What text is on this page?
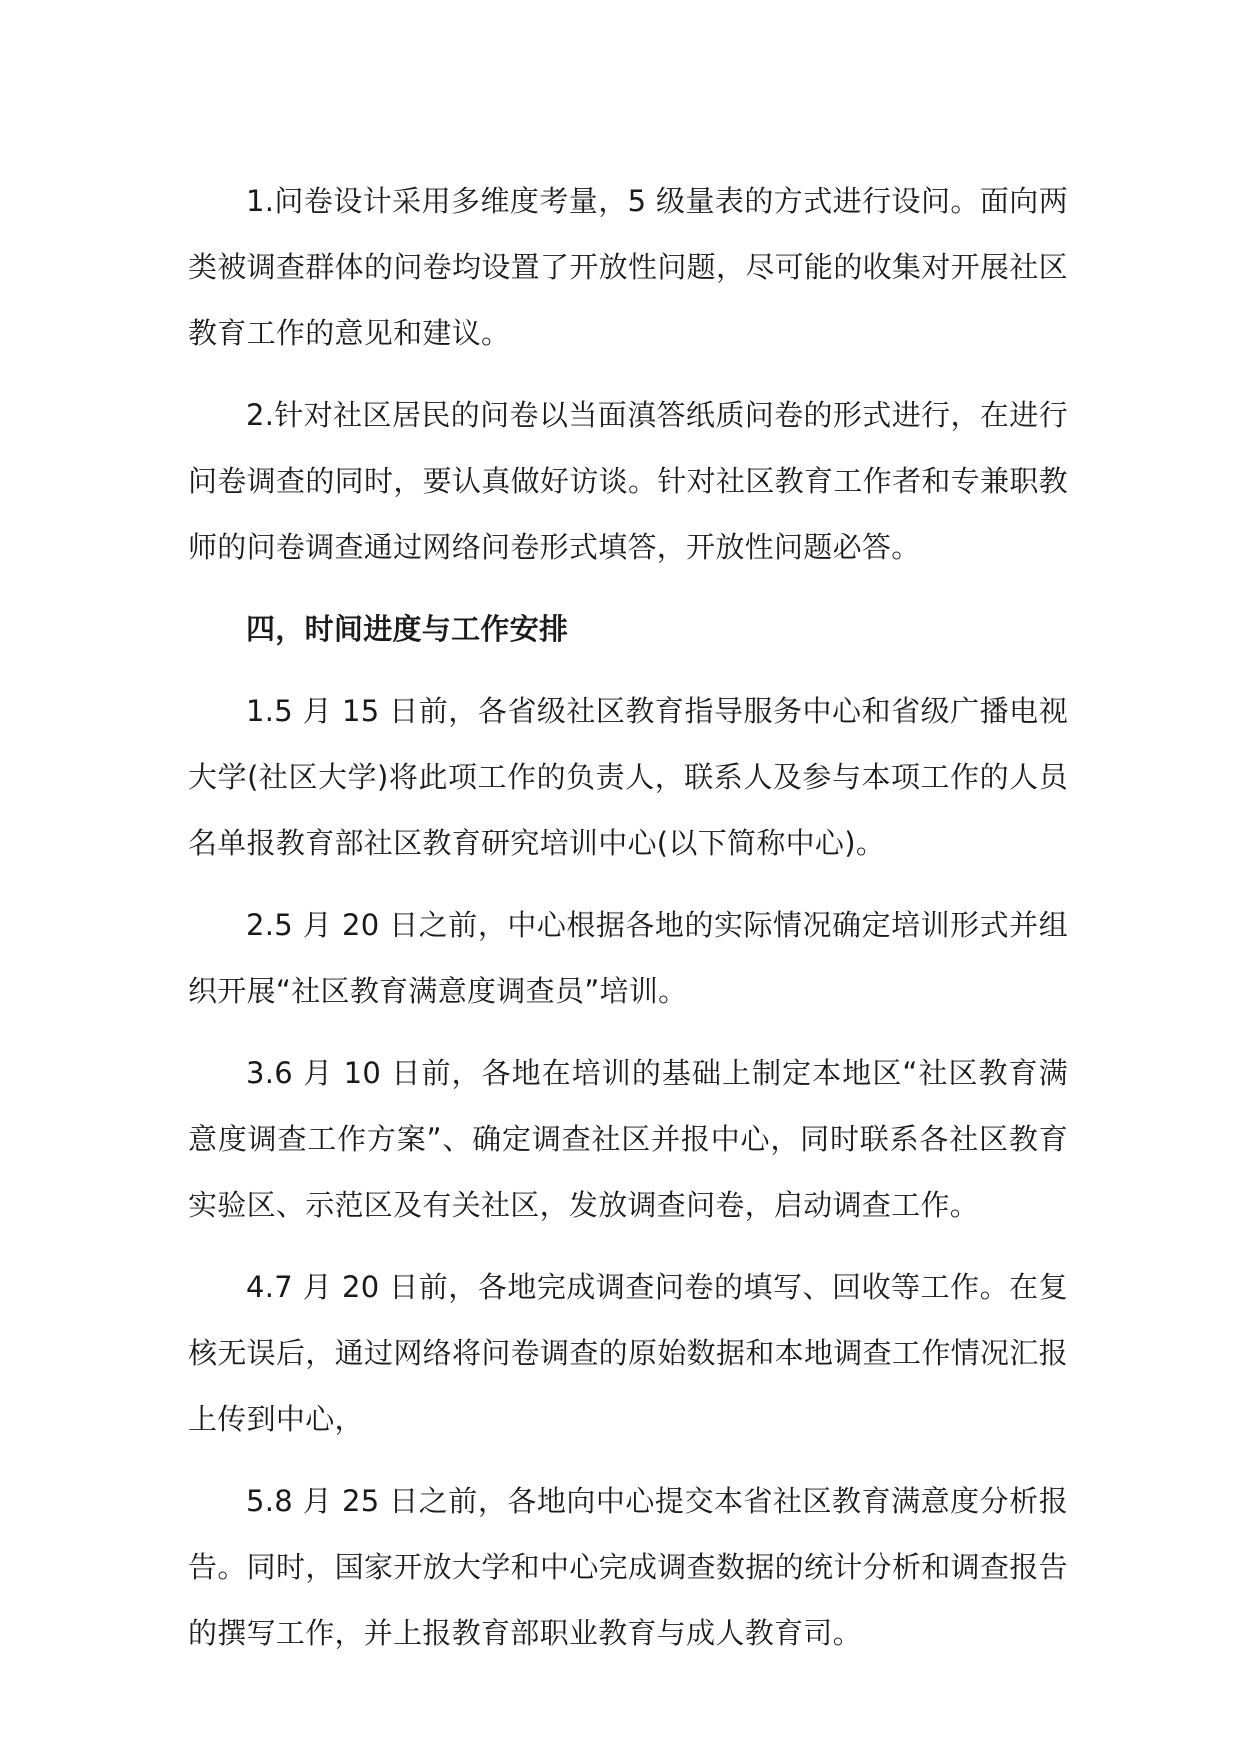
1.问卷设计采用多维度考量，5 级量表的方式进行设问。面向两类被调查群体的问卷均设置了开放性问题，尽可能的收集对开展社区教育工作的意见和建议。

2.针对社区居民的问卷以当面滇答纸质问卷的形式进行，在进行问卷调查的同时，要认真做好访谈。针对社区教育工作者和专兼职教师的问卷调查通过网络问卷形式填答，开放性问题必答。

四，时间进度与工作安排

1.5 月 15 日前，各省级社区教育指导服务中心和省级广播电视大学(社区大学)将此项工作的负责人，联系人及参与本项工作的人员名单报教育部社区教育研究培训中心(以下简称中心)。

2.5 月 20 日之前，中心根据各地的实际情况确定培训形式并组织开展“社区教育满意度调查员”培训。

3.6 月 10 日前，各地在培训的基础上制定本地区“社区教育满意度调查工作方案”、确定调查社区并报中心，同时联系各社区教育实验区、示范区及有关社区，发放调查问卷，启动调查工作。

4.7 月 20 日前，各地完成调查问卷的填写、回收等工作。在复核无误后，通过网络将问卷调查的原始数据和本地调查工作情况汇报上传到中心，

5.8 月 25 日之前，各地向中心提交本省社区教育满意度分析报告。同时，国家开放大学和中心完成调查数据的统计分析和调查报告的撰写工作，并上报教育部职业教育与成人教育司。
